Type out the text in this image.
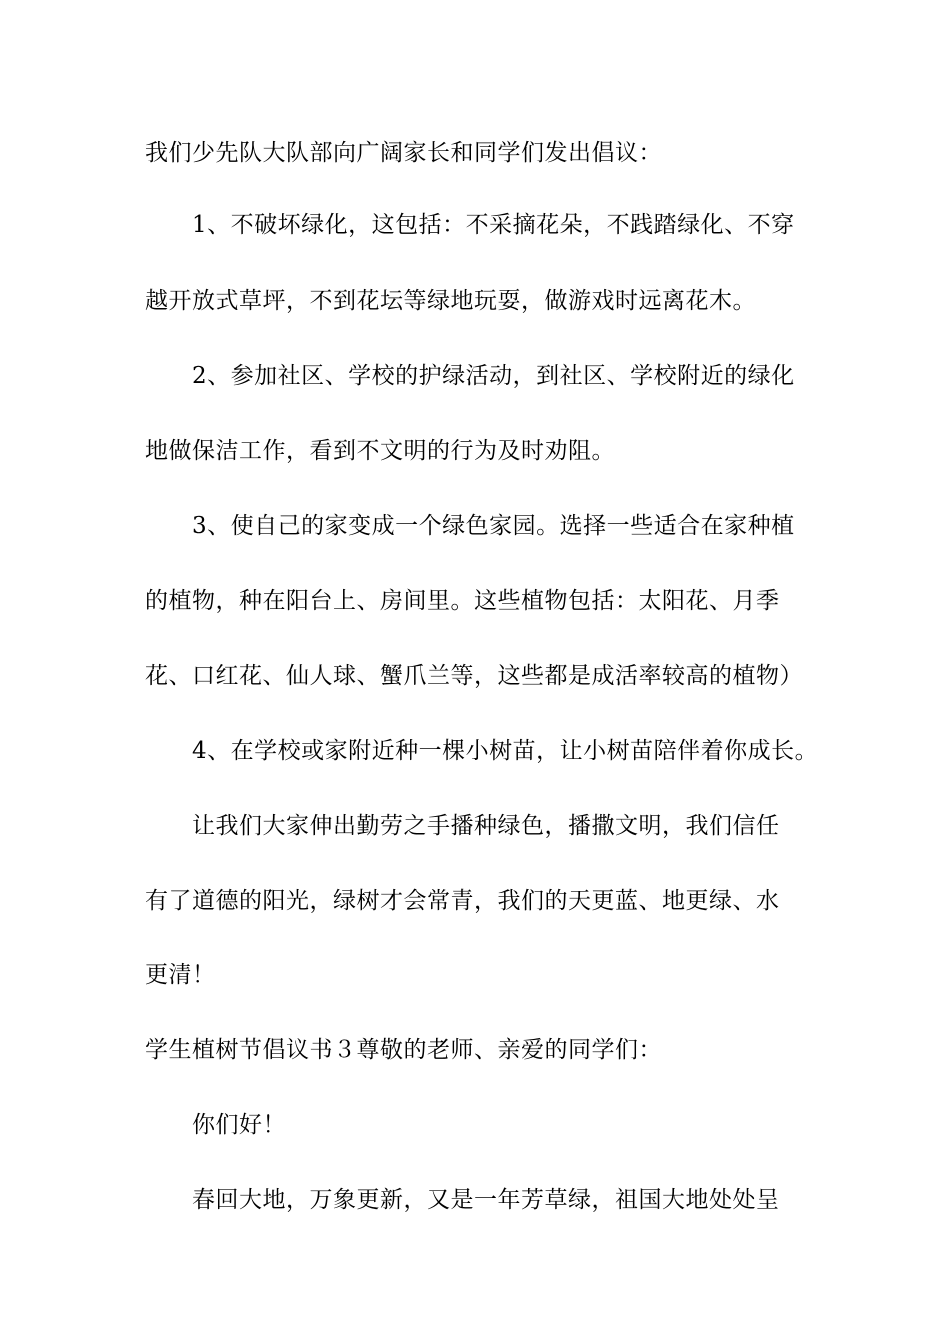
我们少先队大队部向广阔家长和同学们发出倡议：
1、不破坏绿化，这包括：不采摘花朵，不践踏绿化、不穿
越开放式草坪，不到花坛等绿地玩耍，做游戏时远离花木。
2、参加社区、学校的护绿活动，到社区、学校附近的绿化
地做保洁工作，看到不文明的行为及时劝阻。
3、使自己的家变成一个绿色家园。选择一些适合在家种植
的植物，种在阳台上、房间里。这些植物包括：太阳花、月季
花、口红花、仙人球、蟹爪兰等，这些都是成活率较高的植物）
4、在学校或家附近种一棵小树苗，让小树苗陪伴着你成长。
让我们大家伸出勤劳之手播种绿色，播撒文明，我们信任
有了道德的阳光，绿树才会常青，我们的天更蓝、地更绿、水
更清！
学生植树节倡议书３尊敬的老师、亲爱的同学们：
你们好！
春回大地，万象更新，又是一年芳草绿，祖国大地处处呈
